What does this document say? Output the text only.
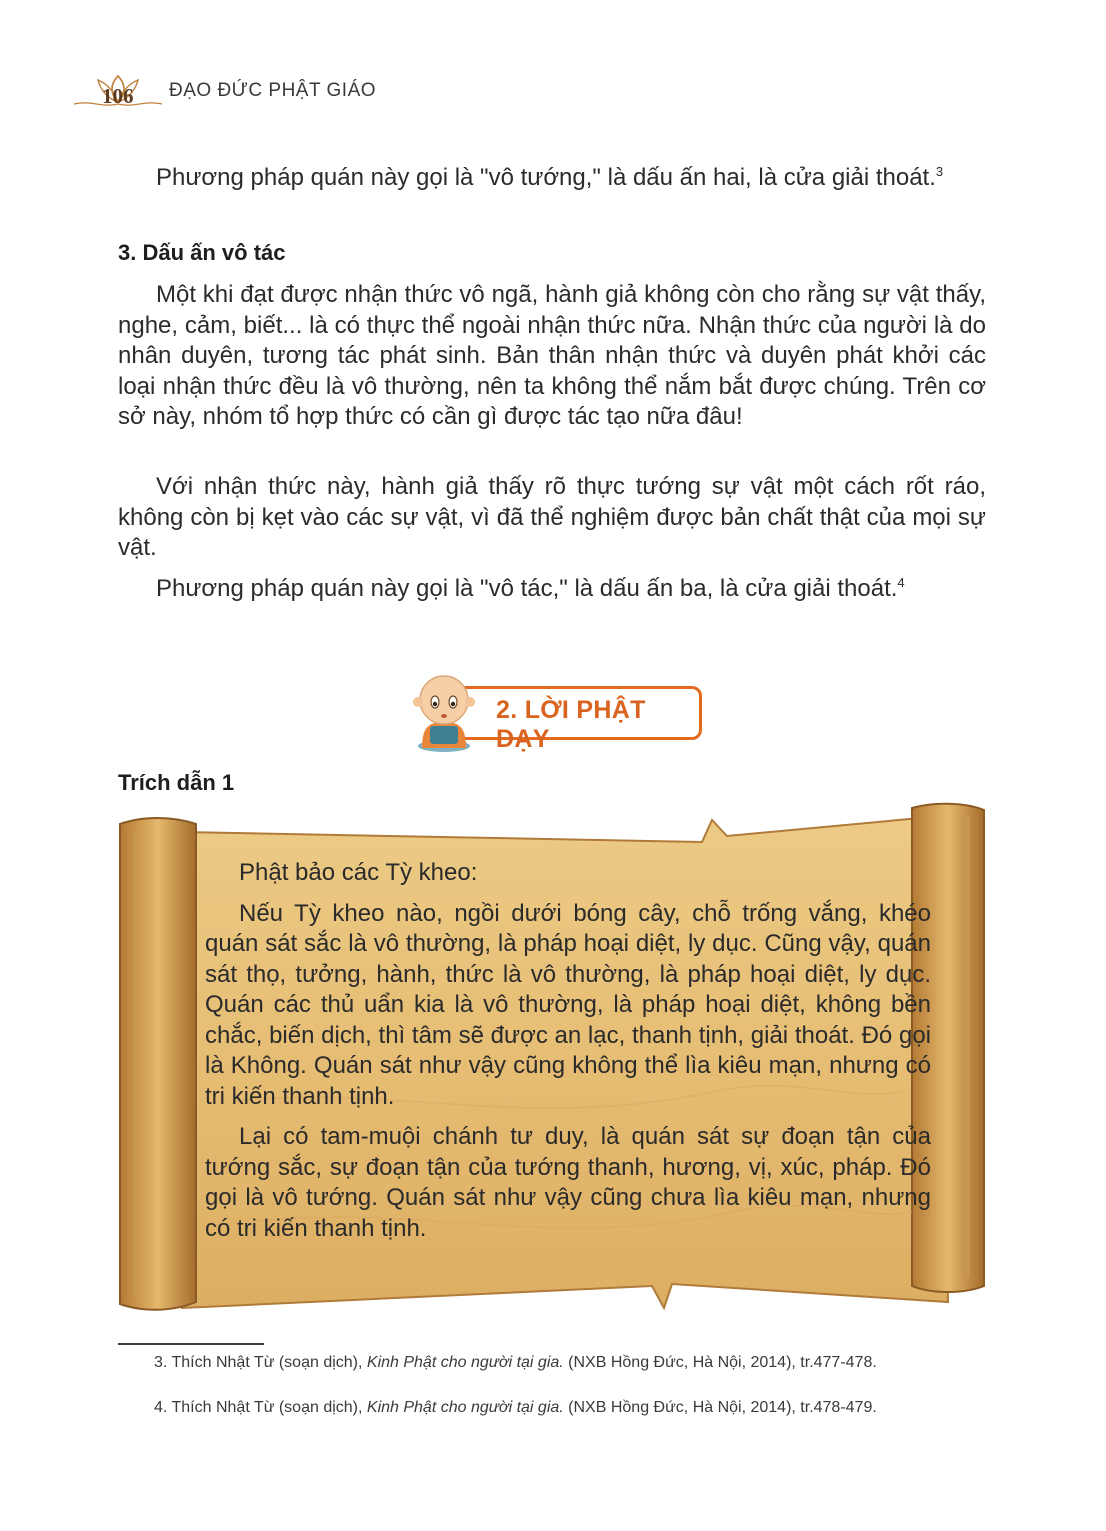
106 ĐẠO ĐỨC PHẬT GIÁO

Phương pháp quán này gọi là "vô tướng," là dấu ấn hai, là cửa giải thoát.$^3$

3. Dấu ấn vô tác

Một khi đạt được nhận thức vô ngã, hành giả không còn cho rằng sự vật thấy, nghe, cảm, biết... là có thực thể ngoài nhận thức nữa. Nhận thức của người là do nhân duyên, tương tác phát sinh. Bản thân nhận thức và duyên phát khởi các loại nhận thức đều là vô thường, nên ta không thể nắm bắt được chúng. Trên cơ sở này, nhóm tổ hợp thức có cần gì được tác tạo nữa đâu!

Với nhận thức này, hành giả thấy rõ thực tướng sự vật một cách rốt ráo, không còn bị kẹt vào các sự vật, vì đã thể nghiệm được bản chất thật của mọi sự vật.

Phương pháp quán này gọi là "vô tác," là dấu ấn ba, là cửa giải thoát.$^4$

2. LỜI PHẬT DẠY

Trích dẫn 1

Phật bảo các Tỳ kheo:

Nếu Tỳ kheo nào, ngồi dưới bóng cây, chỗ trống vắng, khéo quán sát sắc là vô thường, là pháp hoại diệt, ly dục. Cũng vậy, quán sát thọ, tưởng, hành, thức là vô thường, là pháp hoại diệt, ly dục. Quán các thủ uẩn kia là vô thường, là pháp hoại diệt, không bền chắc, biến dịch, thì tâm sẽ được an lạc, thanh tịnh, giải thoát. Đó gọi là Không. Quán sát như vậy cũng không thể lìa kiêu mạn, nhưng có tri kiến thanh tịnh.

Lại có tam-muội chánh tư duy, là quán sát sự đoạn tận của tướng sắc, sự đoạn tận của tướng thanh, hương, vị, xúc, pháp. Đó gọi là vô tướng. Quán sát như vậy cũng chưa lìa kiêu mạn, nhưng có tri kiến thanh tịnh.

3. Thích Nhật Từ (soạn dịch), Kinh Phật cho người tại gia. (NXB Hồng Đức, Hà Nội, 2014), tr.477-478.

4. Thích Nhật Từ (soạn dịch), Kinh Phật cho người tại gia. (NXB Hồng Đức, Hà Nội, 2014), tr.478-479.
